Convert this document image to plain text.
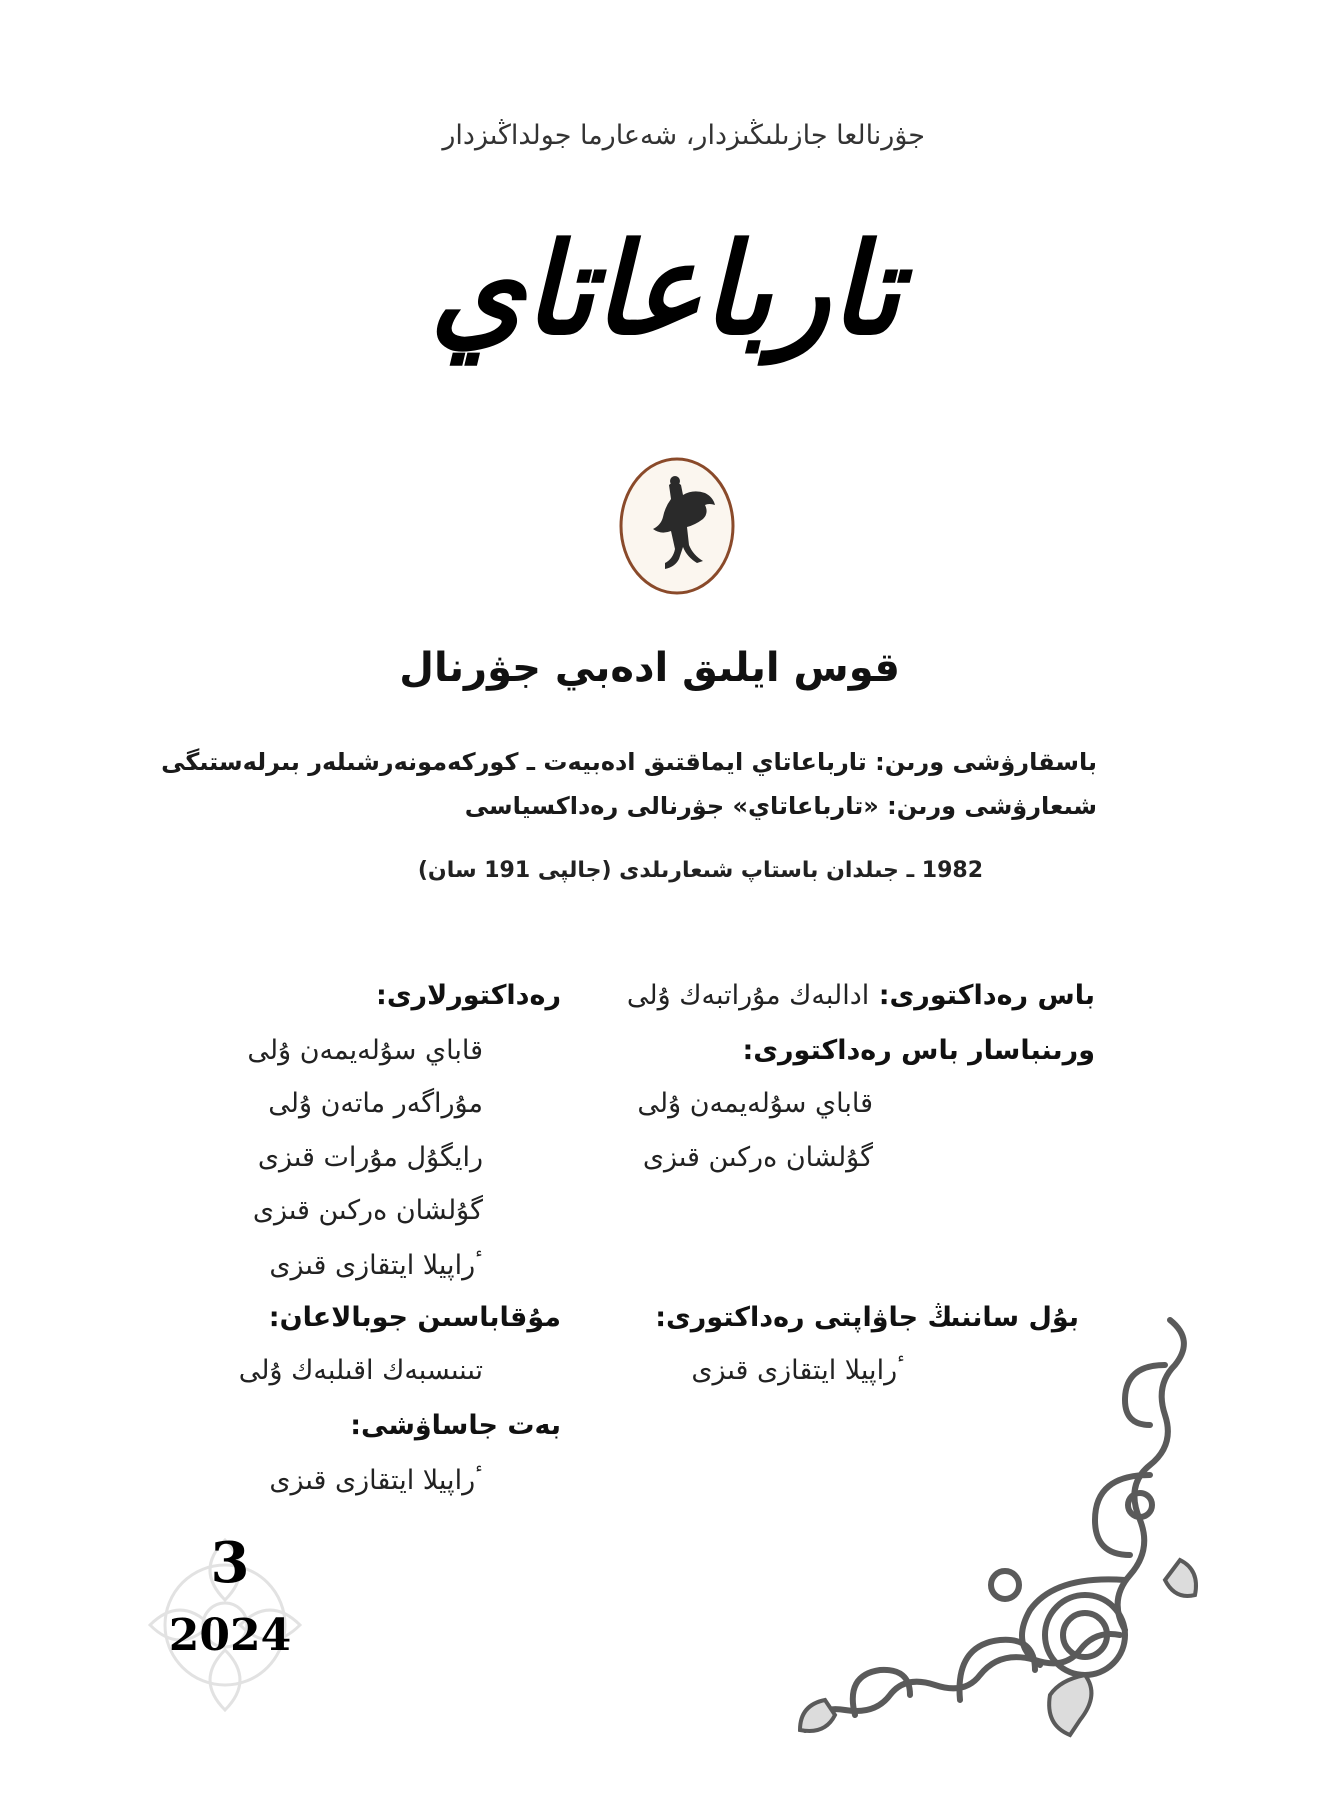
جۋرنالعا جازىلىڭىزدار، شەعارما جولداڭىزدار
تارباعاتاي
قوس ايلىق ادەبي جۋرنال
باسقارۋشى ورىن: تارباعاتاي ايماقتىق ادەبيەت ـ كوركەمونەرشىلەر بىرلەستىگى
شىعارۋشى ورىن: «تارباعاتاي» جۋرنالى رەداكسياسى
1982 ـ جىلدان باستاپ شىعارىلدى (جالپى 191 سان)
باس رەداكتورى: ادالبەك مۇراتبەك ۇلى
ورىنباسار باس رەداكتورى:
قاباي سۇلەيمەن ۇلى
گۇلشان ەركىن قىزى
بۇل ساننىڭ جاۋاپتى رەداكتورى:
ٴراپيلا ايتقازى قىزى
رەداكتورلارى:
قاباي سۇلەيمەن ۇلى
مۇراگەر ماتەن ۇلى
رايگۇل مۇرات قىزى
گۇلشان ەركىن قىزى
ٴراپيلا ايتقازى قىزى
مۇقاباسىن جوبالاعان:
تىنىسبەك اقىلبەك ۇلى
بەت جاساۋشى:
ٴراپيلا ايتقازى قىزى
3
2024
